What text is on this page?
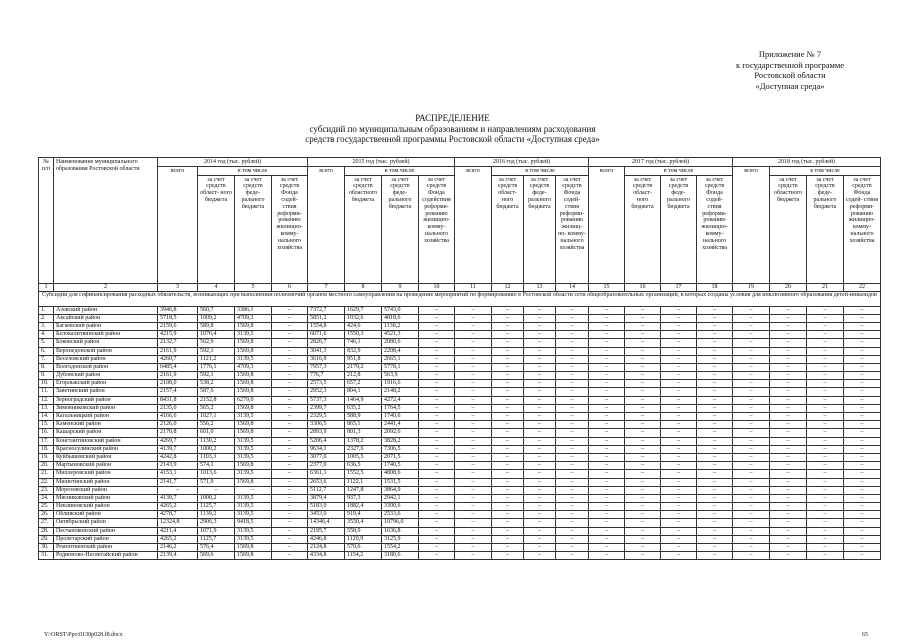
Приложение № 7
к государственной программе
Ростовской области
«Доступная среда»
РАСПРЕДЕЛЕНИЕ
субсидий по муниципальным образованиям и направлениям расходования
средств государственной программы Ростовской области «Доступная среда»
№ п/п	Наименование муниципального образования Ростовской области	2014 год (тыс. рублей)				2015 год (тыс. рублей)				2016 год (тыс. рублей)				2017 год (тыс. рублей)				2018 год (тыс. рублей)			
		всего	в том числе			всего	в том числе			всего	в том числе			всего	в том числе			всего	в том числе		
			за счет средств област- ного бюджета	за счет средств феде- рального бюджета	за счет средств Фонда содей- ствия реформи- рованию жилищно- комму- нального хозяйства		за счет средств областного бюджета	за счет средств феде- рального бюджета	за счет средств Фонда содействия реформи- рованию жилищно- комму- нального хозяйства		за счет средств облаcт- ного бюджета	за счет средств феде- рального бюджета	за счет средств Фонда содей- ствия реформи- рованию жилищ- но- комму- нального хозяйства		за счет средств облаcт- ного бюджета	за счет средств феде- рального бюджета	за счет средств Фонда содей- ствия реформи- рованию жилищно- комму- нального хозяйства		за счет средств областного бюджета	за счет средств феде- рального бюджета	за счет средств Фонда содей- ствия реформи- рованию жилищно- комму- нального хозяйства
1	2	3	4	5	6	7	8	9	10	11	12	13	14	15	16	17	18	19	20	21	22
Субсидии для софинансирования расходных обязательств, возникающих при выполнении полномочий органов местного самоуправления на проведение мероприятий по формированию в Ростовской области сети общеобразовательных организаций, в которых созданы условия для инклюзивного образования детей-инвалидов																					
1.	Азовский район	3946,8	560,7	3386,1	–	7372,7	1629,7	5743,0	–	–	–	–	–	–	–	–	–	–	–	–	–
2.	Аксайский район	5718,5	1009,2	4709,3	–	5851,2	1032,6	4818,6	–	–	–	–	–	–	–	–	–	–	–	–	–
3.	Багаевский район	2159,6	589,8	1569,8	–	1554,8	424,6	1130,2	–	–	–	–	–	–	–	–	–	–	–	–	–
4.	Белокалитвинский район	4215,9	1076,4	3139,5	–	6071,6	1550,3	4521,3	–	–	–	–	–	–	–	–	–	–	–	–	–
5.	Боковский район	2132,7	562,9	1569,8	–	2826,7	746,1	2080,6	–	–	–	–	–	–	–	–	–	–	–	–	–
6.	Верхнедонской район	2161,9	592,1	1569,8	–	3041,3	832,9	2208,4	–	–	–	–	–	–	–	–	–	–	–	–	–
7.	Веселовский район	4260,7	1121,2	3139,5	–	3616,9	951,8	2665,1	–	–	–	–	–	–	–	–	–	–	–	–	–
8.	Волгодонской район	6485,4	1776,1	4709,3	–	7957,3	2179,2	5778,1	–	–	–	–	–	–	–	–	–	–	–	–	–
9.	Дубовский район	2161,9	592,1	1569,8	–	776,7	212,8	563,9	–	–	–	–	–	–	–	–	–	–	–	–	–
10.	Егорлыкский район	2108,0	538,2	1569,8	–	2573,5	657,2	1916,6	–	–	–	–	–	–	–	–	–	–	–	–	–
11.	Заветинский район	2157,4	587,6	1569,8	–	2952,3	804,1	2148,2	–	–	–	–	–	–	–	–	–	–	–	–	–
12.	Зерноградский район	8431,8	2152,8	6279,0	–	5737,3	1464,9	4272,4	–	–	–	–	–	–	–	–	–	–	–	–	–
13.	Зимовниковский район	2135,0	565,2	1569,8	–	2399,7	635,2	1764,5	–	–	–	–	–	–	–	–	–	–	–	–	–
14.	Кагальницкий район	4166,6	1027,1	3139,5	–	2329,5	588,9	1740,6	–	–	–	–	–	–	–	–	–	–	–	–	–
15.	Каменский район	2126,0	556,2	1569,8	–	3306,5	865,1	2441,4	–	–	–	–	–	–	–	–	–	–	–	–	–
16.	Кашарский район	2170,8	601,0	1569,8	–	2893,9	801,3	2092,6	–	–	–	–	–	–	–	–	–	–	–	–	–
17.	Константиновский район	4269,7	1130,2	3139,5	–	5206,4	1378,2	3828,2	–	–	–	–	–	–	–	–	–	–	–	–	–
18.	Красносулинский район	4139,7	1000,2	3139,5	–	9634,1	2327,6	7306,5	–	–	–	–	–	–	–	–	–	–	–	–	–
19.	Куйбышевский район	4242,8	1103,3	3139,5	–	3077,0	1005,5	2071,5	–	–	–	–	–	–	–	–	–	–	–	–	–
20.	Мартыновский район	2143,9	574,1	1569,8	–	2377,0	636,5	1740,5	–	–	–	–	–	–	–	–	–	–	–	–	–
21.	Миллеровский район	4153,1	1013,6	3139,5	–	6361,1	1552,5	4808,6	–	–	–	–	–	–	–	–	–	–	–	–	–
22.	Милютинский район	2141,7	571,9	1569,8	–	2653,6	1122,1	1531,5	–	–	–	–	–	–	–	–	–	–	–	–	–
23.	Морозовский район	–	–	–	–	5112,7	1247,8	3864,9	–	–	–	–	–	–	–	–	–	–	–	–	–
24.	Мясниковский район	4139,7	1000,2	3139,5	–	3879,4	937,3	2942,1	–	–	–	–	–	–	–	–	–	–	–	–	–
25.	Неклиновский район	4265,2	1125,7	3139,5	–	5183,0	1882,4	3300,6	–	–	–	–	–	–	–	–	–	–	–	–	–
26.	Обливский район	4278,7	1139,2	3139,5	–	3453,0	919,4	2533,6	–	–	–	–	–	–	–	–	–	–	–	–	–
27.	Октябрьский район	12324,8	2906,3	9418,5	–	14346,4	3550,4	10796,0	–	–	–	–	–	–	–	–	–	–	–	–	–
28.	Песчанокопский район	4211,4	1071,9	3139,5	–	2195,7	558,9	1636,8	–	–	–	–	–	–	–	–	–	–	–	–	–
29.	Пролетарский район	4265,2	1125,7	3139,5	–	4246,8	1120,9	3125,9	–	–	–	–	–	–	–	–	–	–	–	–	–
30.	Ремонтненский район	2146,2	576,4	1569,8	–	2124,8	570,6	1554,2	–	–	–	–	–	–	–	–	–	–	–	–	–
31.	Родионово-Несветайский район	2139,4	569,6	1569,8	–	4334,8	1154,2	3180,6	–	–	–	–	–	–	–	–	–	–	–	–	–
Y:\ORST\Ppo\0130p028.f8.docx	65
